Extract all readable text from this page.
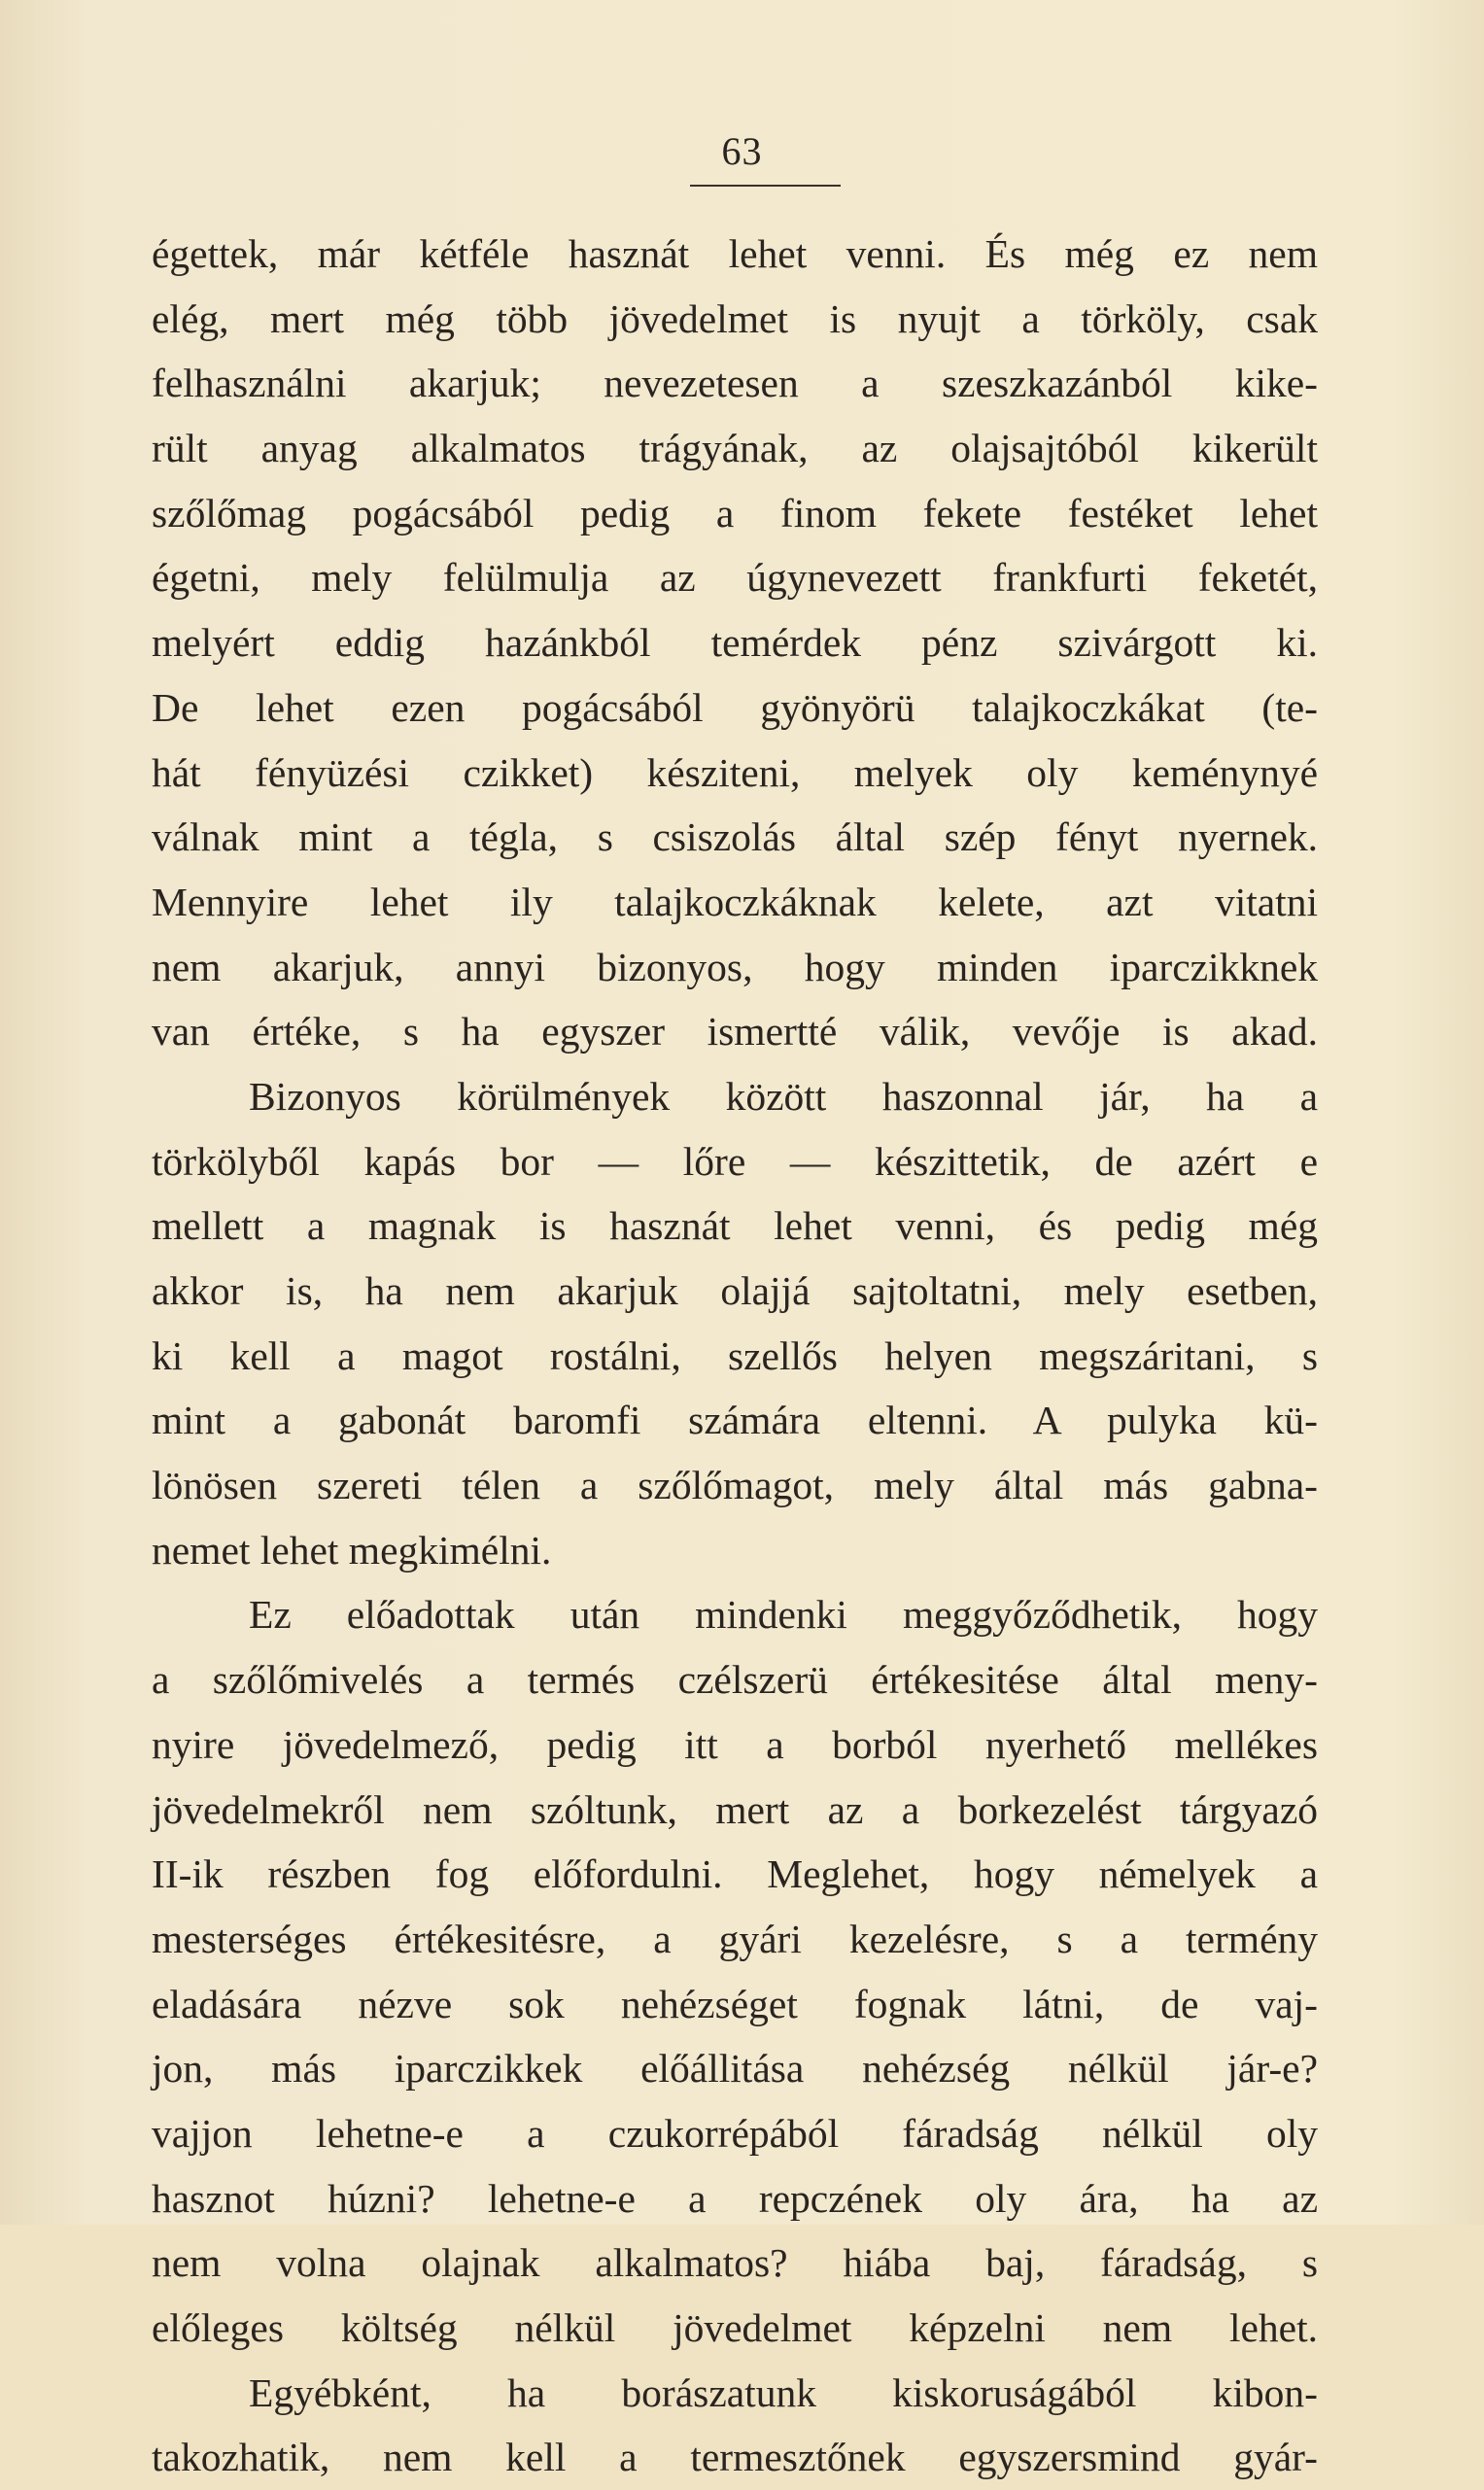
63
égettek, már kétféle hasznát lehet venni. És még ez nem
elég, mert még több jövedelmet is nyujt a törköly, csak
felhasználni akarjuk; nevezetesen a szeszkazánból kike-
rült anyag alkalmatos trágyának, az olajsajtóból kikerült
szőlőmag pogácsából pedig a finom fekete festéket lehet
égetni, mely felülmulja az úgynevezett frankfurti feketét,
melyért eddig hazánkból temérdek pénz szivárgott ki.
De lehet ezen pogácsából gyönyörü talajkoczkákat (te-
hát fényüzési czikket) késziteni, melyek oly keménynyé
válnak mint a tégla, s csiszolás által szép fényt nyernek.
Mennyire lehet ily talajkoczkáknak kelete, azt vitatni
nem akarjuk, annyi bizonyos, hogy minden iparczikknek
van értéke, s ha egyszer ismertté válik, vevője is akad.
Bizonyos körülmények között haszonnal jár, ha a
törkölyből kapás bor — lőre — készittetik, de azért e
mellett a magnak is hasznát lehet venni, és pedig még
akkor is, ha nem akarjuk olajjá sajtoltatni, mely esetben,
ki kell a magot rostálni, szellős helyen megszáritani, s
mint a gabonát baromfi számára eltenni. A pulyka kü-
lönösen szereti télen a szőlőmagot, mely által más gabna-
nemet lehet megkimélni.
Ez előadottak után mindenki meggyőződhetik, hogy
a szőlőmivelés a termés czélszerü értékesitése által meny-
nyire jövedelmező, pedig itt a borból nyerhető mellékes
jövedelmekről nem szóltunk, mert az a borkezelést tárgyazó
II-ik részben fog előfordulni. Meglehet, hogy némelyek a
mesterséges értékesitésre, a gyári kezelésre, s a termény
eladására nézve sok nehézséget fognak látni, de vaj-
jon, más iparczikkek előállitása nehézség nélkül jár-e?
vajjon lehetne-e a czukorrépából fáradság nélkül oly
hasznot húzni? lehetne-e a repczének oly ára, ha az
nem volna olajnak alkalmatos? hiába baj, fáradság, s
előleges költség nélkül jövedelmet képzelni nem lehet.
Egyébként, ha borászatunk kiskoruságából kibon-
takozhatik, nem kell a termesztőnek egyszersmind gyár-
